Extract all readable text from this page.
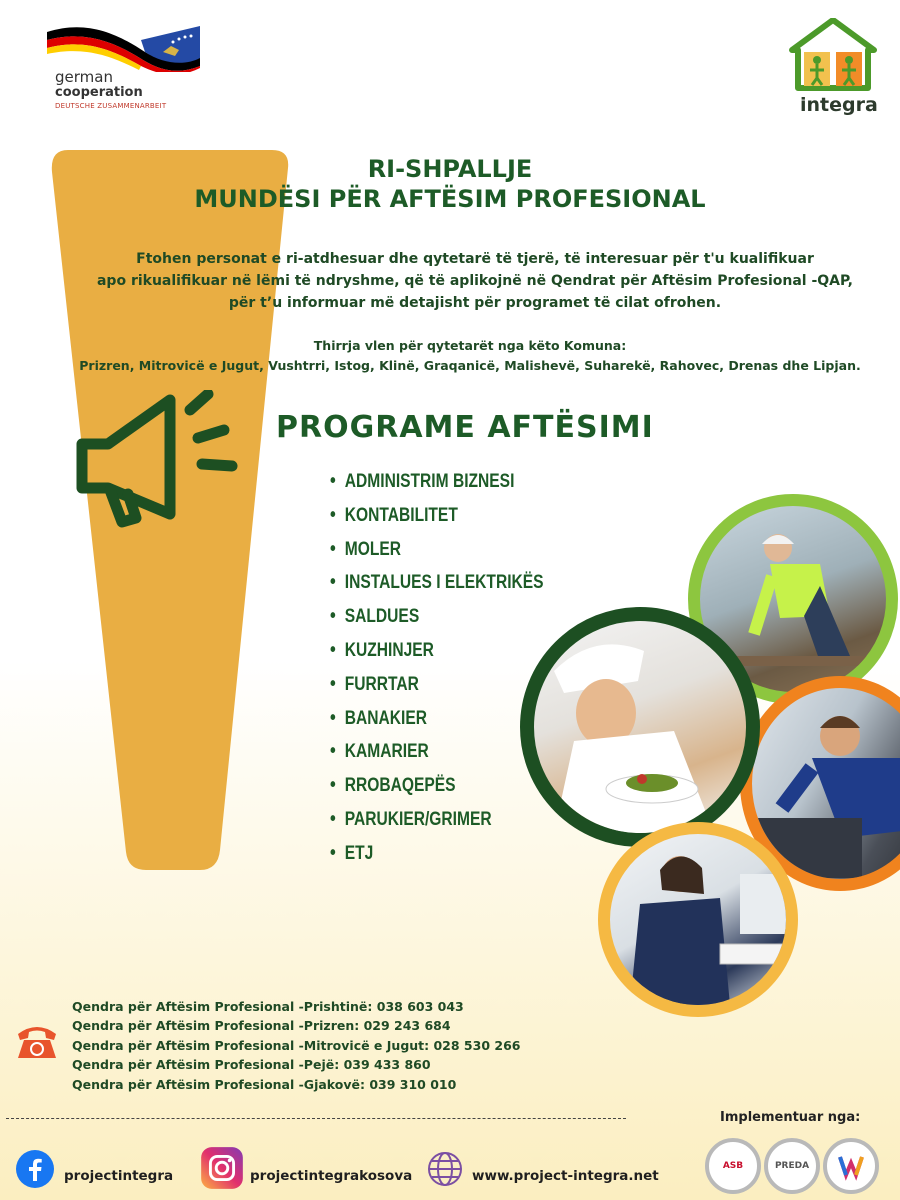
german
cooperation
DEUTSCHE ZUSAMMENARBEIT	integra
RI-SHPALLJE
MUNDËSI PËR AFTËSIM PROFESIONAL
Ftohen personat e ri-atdhesuar dhe qytetarë të tjerë, të interesuar për t'u kualifikuar
apo rikualifikuar në lëmi të ndryshme, që të aplikojnë në Qendrat për Aftësim Profesional -QAP,
për t’u informuar më detajisht për programet të cilat ofrohen.
Thirrja vlen për qytetarët nga këto Komuna:
Prizren, Mitrovicë e Jugut, Vushtrri, Istog, Klinë, Graqanicë, Malishevë, Suharekë, Rahovec, Drenas dhe Lipjan.
PROGRAME AFTËSIMI
• ADMINISTRIM BIZNESI
• KONTABILITET
• MOLER
• INSTALUES I ELEKTRIKËS
• SALDUES
• KUZHINJER
• FURRTAR
• BANAKIER
• KAMARIER
• RROBAQEPËS
• PARUKIER/GRIMER
• ETJ
Qendra për Aftësim Profesional -Prishtinë: 038 603 043
Qendra për Aftësim Profesional -Prizren: 029 243 684
Qendra për Aftësim Profesional -Mitrovicë e Jugut: 028 530 266
Qendra për Aftësim Profesional -Pejë: 039 433 860
Qendra për Aftësim Profesional -Gjakovë: 039 310 010
Implementuar nga:
ASB	PREDA
projectintegra	projectintegrakosova	www.project-integra.net
